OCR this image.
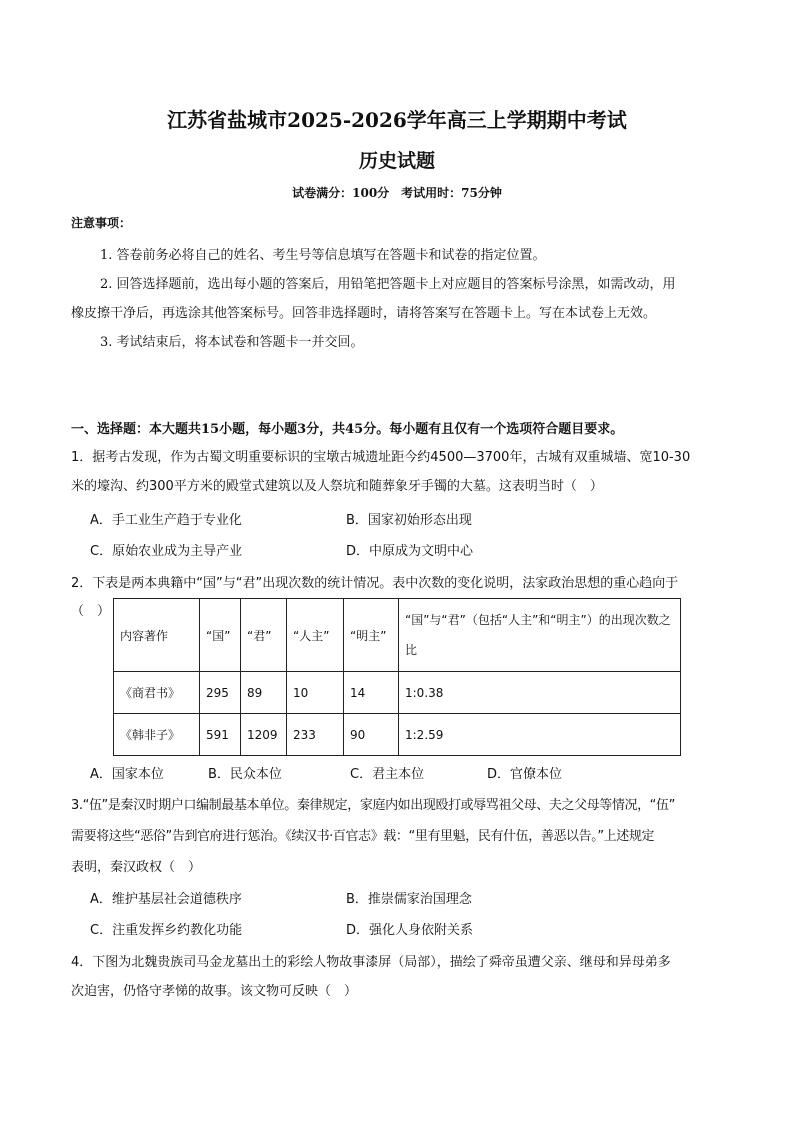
江苏省盐城市2025-2026学年高三上学期期中考试
历史试题
试卷满分：100分　考试用时：75分钟
注意事项：
1. 答卷前务必将自己的姓名、考生号等信息填写在答题卡和试卷的指定位置。
2. 回答选择题前，选出每小题的答案后，用铅笔把答题卡上对应题目的答案标号涂黑，如需改动，用
橡皮擦干净后，再选涂其他答案标号。回答非选择题时，请将答案写在答题卡上。写在本试卷上无效。
3. 考试结束后，将本试卷和答题卡一并交回。
一、选择题：本大题共15小题，每小题3分，共45分。每小题有且仅有一个选项符合题目要求。
1．据考古发现，作为古蜀文明重要标识的宝墩古城遗址距今约4500—3700年，古城有双重城墙、宽10-30
米的壕沟、约300平方米的殿堂式建筑以及人祭坑和随葬象牙手镯的大墓。这表明当时（　）
A．手工业生产趋于专业化	B．国家初始形态出现
C．原始农业成为主导产业	D．中原成为文明中心
2．下表是两本典籍中“国”与“君”出现次数的统计情况。表中次数的变化说明，法家政治思想的重心趋向于
（　）
内容著作	“国”	“君”	“人主”	“明主”	“国”与“君”（包括“人主”和“明主”）的出现次数之比
《商君书》	295	89	10	14	1:0.38
《韩非子》	591	1209	233	90	1:2.59
A．国家本位	B．民众本位	C．君主本位	D．官僚本位
3.“伍”是秦汉时期户口编制最基本单位。秦律规定，家庭内如出现殴打或辱骂祖父母、夫之父母等情况，“伍”
需要将这些“恶俗”告到官府进行惩治。《续汉书·百官志》载：“里有里魁，民有什伍，善恶以告。”上述规定
表明，秦汉政权（　）
A．维护基层社会道德秩序	B．推崇儒家治国理念
C．注重发挥乡约教化功能	D．强化人身依附关系
4．下图为北魏贵族司马金龙墓出土的彩绘人物故事漆屏（局部），描绘了舜帝虽遭父亲、继母和异母弟多
次迫害，仍恪守孝悌的故事。该文物可反映（　）
